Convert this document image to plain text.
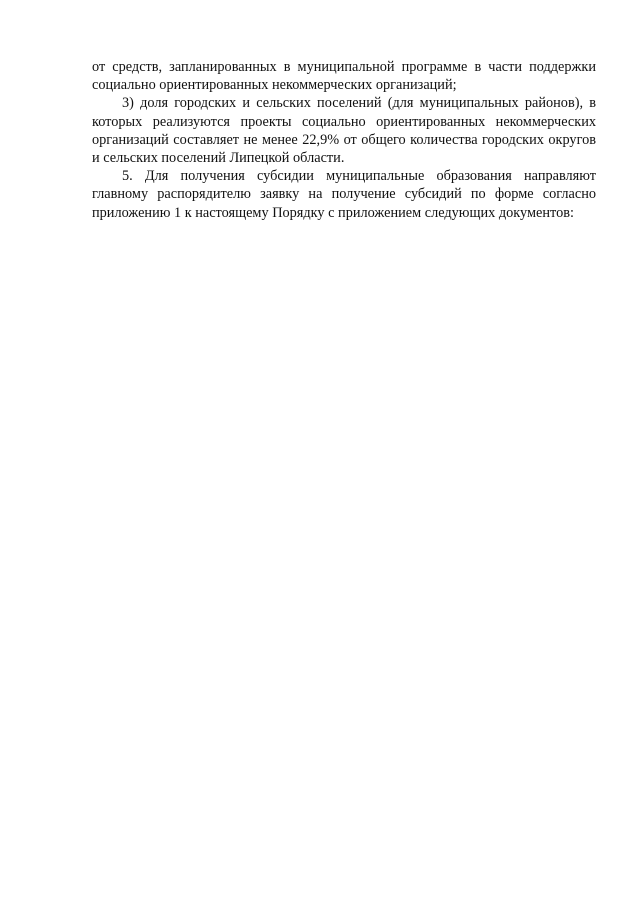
от средств, запланированных в муниципальной программе в части поддержки социально ориентированных некоммерческих организаций;

3) доля городских и сельских поселений (для муниципальных районов), в которых реализуются проекты социально ориентированных некоммерческих организаций составляет не менее 22,9% от общего количества городских округов и сельских поселений Липецкой области.

5. Для получения субсидии муниципальные образования направляют главному распорядителю заявку на получение субсидий по форме согласно приложению 1 к настоящему Порядку с приложением следующих документов:
